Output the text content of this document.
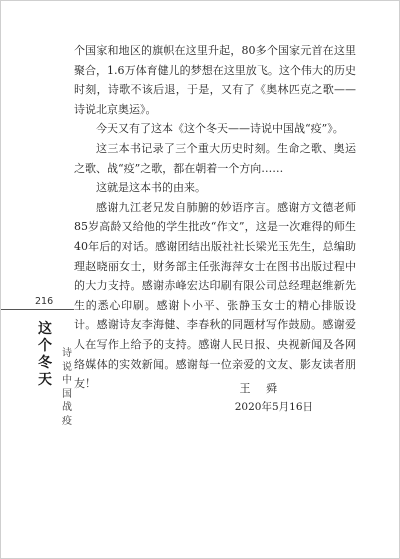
个国家和地区的旗帜在这里升起，80多个国家元首在这里聚合，1.6万体育健儿的梦想在这里放飞。这个伟大的历史时刻，诗歌不该后退，于是，又有了《奥林匹克之歌——诗说北京奥运》。

今天又有了这本《这个冬天——诗说中国战“疫”》。

这三本书记录了三个重大历史时刻。生命之歌、奥运之歌、战“疫”之歌，都在朝着一个方向……

这就是这本书的由来。

感谢九江老兄发自肺腑的妙语序言。感谢方文德老师85岁高龄又给他的学生批改“作文”，这是一次难得的师生40年后的对话。感谢团结出版社社长梁光玉先生，总编助理赵晓丽女士，财务部主任张海萍女士在图书出版过程中的大力支持。感谢赤峰宏达印刷有限公司总经理赵维新先生的悉心印刷。感谢卜小平、张静玉女士的精心排版设计。感谢诗友李海健、李春秋的同题材写作鼓励。感谢爱人在写作上给予的支持。感谢人民日报、央视新闻及各网络媒体的实效新闻。感谢每一位亲爱的文友、影友读者朋友！	王 舜
2020年5月16日
216
这
个
冬
天
诗
说
中
国
战
疫
